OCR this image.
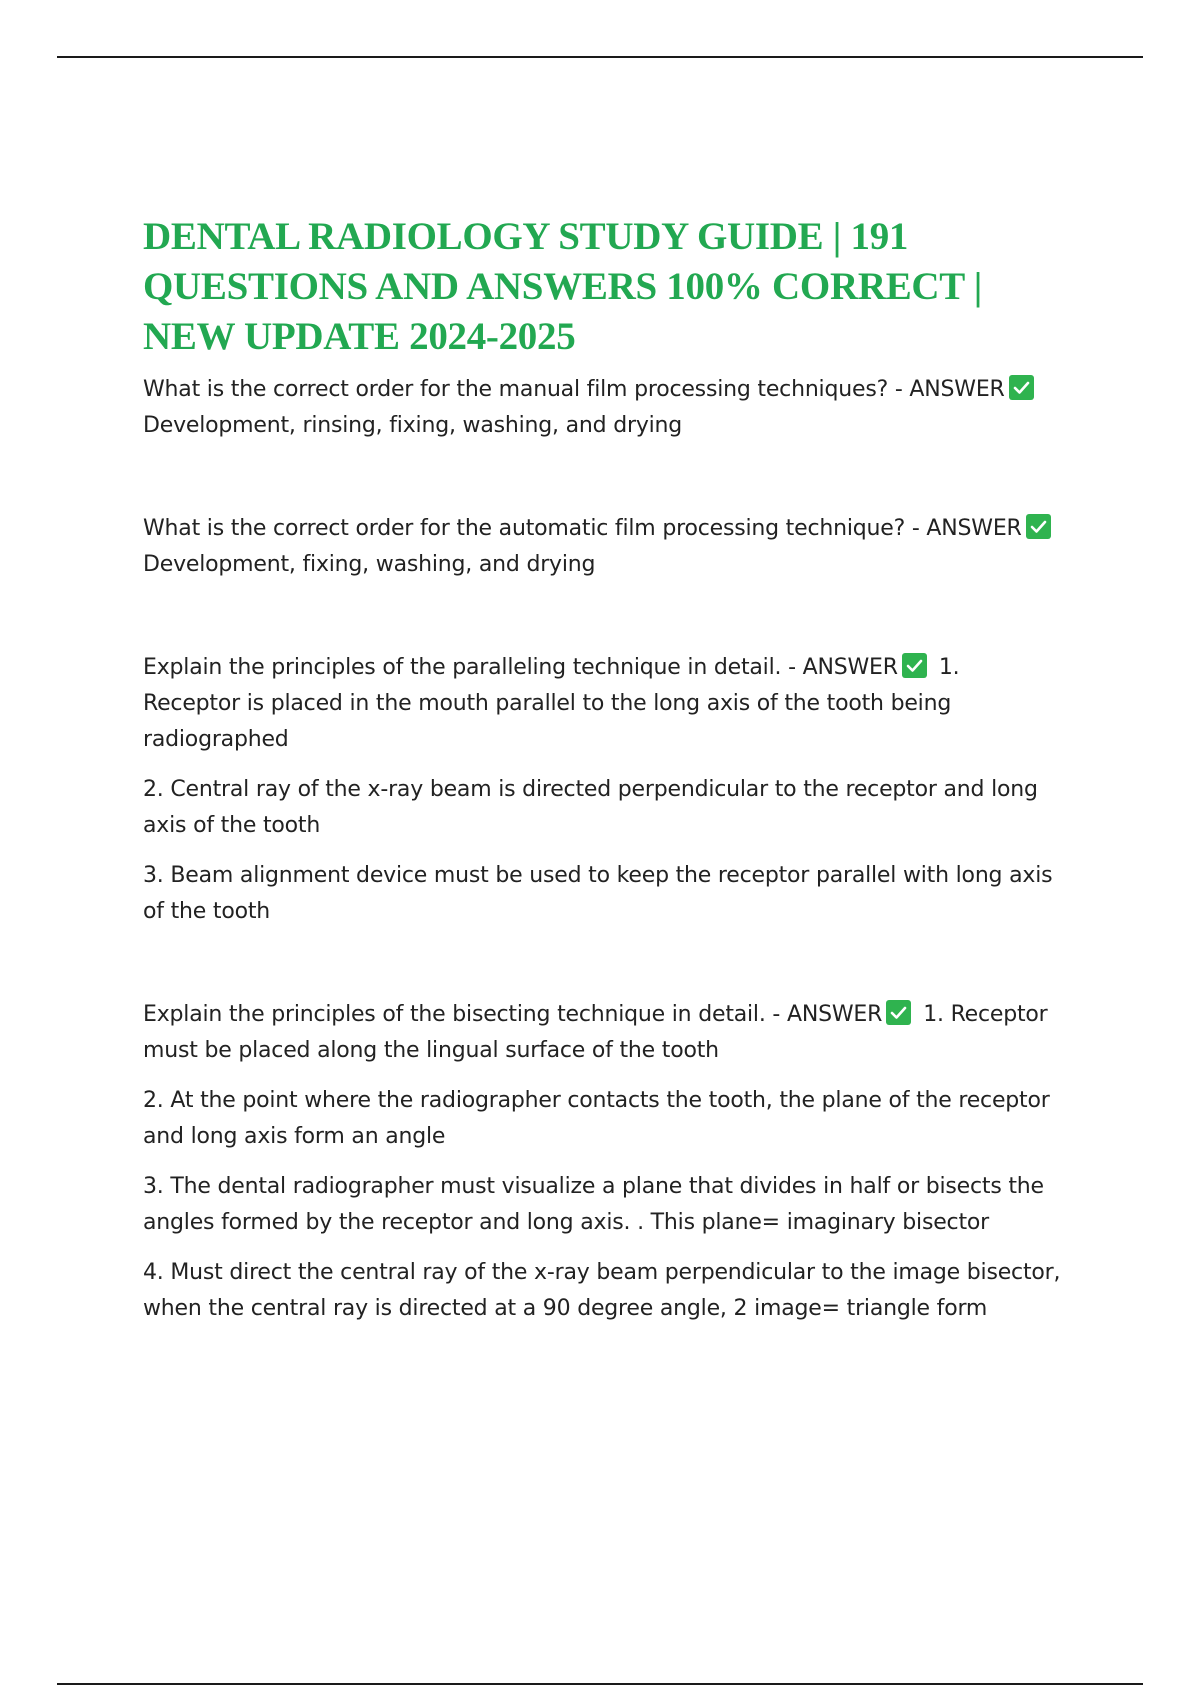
DENTAL RADIOLOGY STUDY GUIDE | 191 QUESTIONS AND ANSWERS 100% CORRECT | NEW UPDATE 2024-2025

What is the correct order for the manual film processing techniques? - ANSWER
Development, rinsing, fixing, washing, and drying

What is the correct order for the automatic film processing technique? - ANSWER
Development, fixing, washing, and drying

Explain the principles of the paralleling technique in detail. - ANSWER 1. Receptor is placed in the mouth parallel to the long axis of the tooth being radiographed

2. Central ray of the x-ray beam is directed perpendicular to the receptor and long axis of the tooth

3. Beam alignment device must be used to keep the receptor parallel with long axis of the tooth

Explain the principles of the bisecting technique in detail. - ANSWER 1. Receptor must be placed along the lingual surface of the tooth

2. At the point where the radiographer contacts the tooth, the plane of the receptor and long axis form an angle

3. The dental radiographer must visualize a plane that divides in half or bisects the angles formed by the receptor and long axis. . This plane= imaginary bisector

4. Must direct the central ray of the x-ray beam perpendicular to the image bisector, when the central ray is directed at a 90 degree angle, 2 image= triangle form
